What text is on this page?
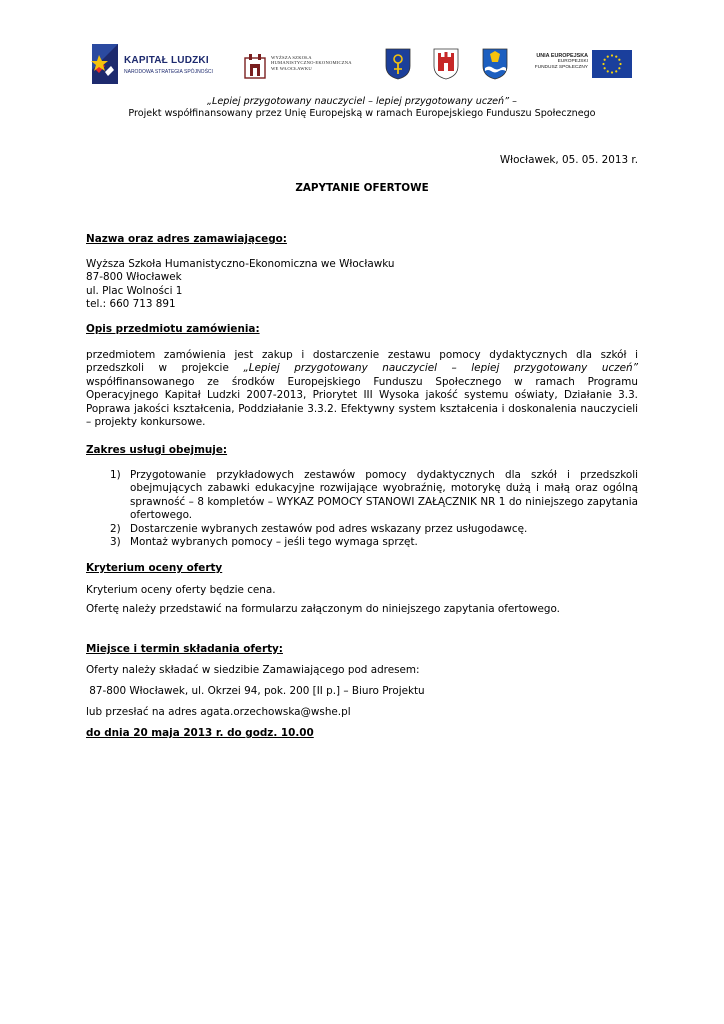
KAPITAŁ LUDZKI
NARODOWA STRATEGIA SPÓJNOŚCI
WYŻSZA SZKOŁA
HUMANISTYCZNO-EKONOMICZNA
WE WŁOCŁAWKU
UNIA EUROPEJSKA
EUROPEJSKI
FUNDUSZ SPOŁECZNY
„Lepiej przygotowany nauczyciel – lepiej przygotowany uczeń” –
Projekt współfinansowany przez Unię Europejską w ramach Europejskiego Funduszu Społecznego
Włocławek, 05. 05. 2013 r.
ZAPYTANIE OFERTOWE
Nazwa oraz adres zamawiającego:
Wyższa Szkoła Humanistyczno-Ekonomiczna we Włocławku
87-800 Włocławek
ul. Plac Wolności 1
tel.: 660 713 891
Opis przedmiotu zamówienia:
przedmiotem zamówienia jest zakup i dostarczenie zestawu pomocy dydaktycznych dla szkół i przedszkoli w projekcie „Lepiej przygotowany nauczyciel – lepiej przygotowany uczeń” współfinansowanego ze środków Europejskiego Funduszu Społecznego w ramach Programu Operacyjnego Kapitał Ludzki 2007-2013, Priorytet III Wysoka jakość systemu oświaty, Działanie 3.3. Poprawa jakości kształcenia, Poddziałanie 3.3.2. Efektywny system kształcenia i doskonalenia nauczycieli – projekty konkursowe.
Zakres usługi obejmuje:
1) Przygotowanie przykładowych zestawów pomocy dydaktycznych dla szkół i przedszkoli obejmujących zabawki edukacyjne rozwijające wyobraźnię, motorykę dużą i małą oraz ogólną sprawność – 8 kompletów – WYKAZ POMOCY STANOWI ZAŁĄCZNIK NR 1 do niniejszego zapytania ofertowego.
2) Dostarczenie wybranych zestawów pod adres wskazany przez usługodawcę.
3) Montaż wybranych pomocy – jeśli tego wymaga sprzęt.
Kryterium oceny oferty
Kryterium oceny oferty będzie cena.
Ofertę należy przedstawić na formularzu załączonym do niniejszego zapytania ofertowego.
Miejsce i termin składania oferty:
Oferty należy składać w siedzibie Zamawiającego pod adresem:
87-800 Włocławek, ul. Okrzei 94, pok. 200 [II p.] – Biuro Projektu
lub przesłać na adres agata.orzechowska@wshe.pl
do dnia 20 maja 2013 r. do godz. 10.00
